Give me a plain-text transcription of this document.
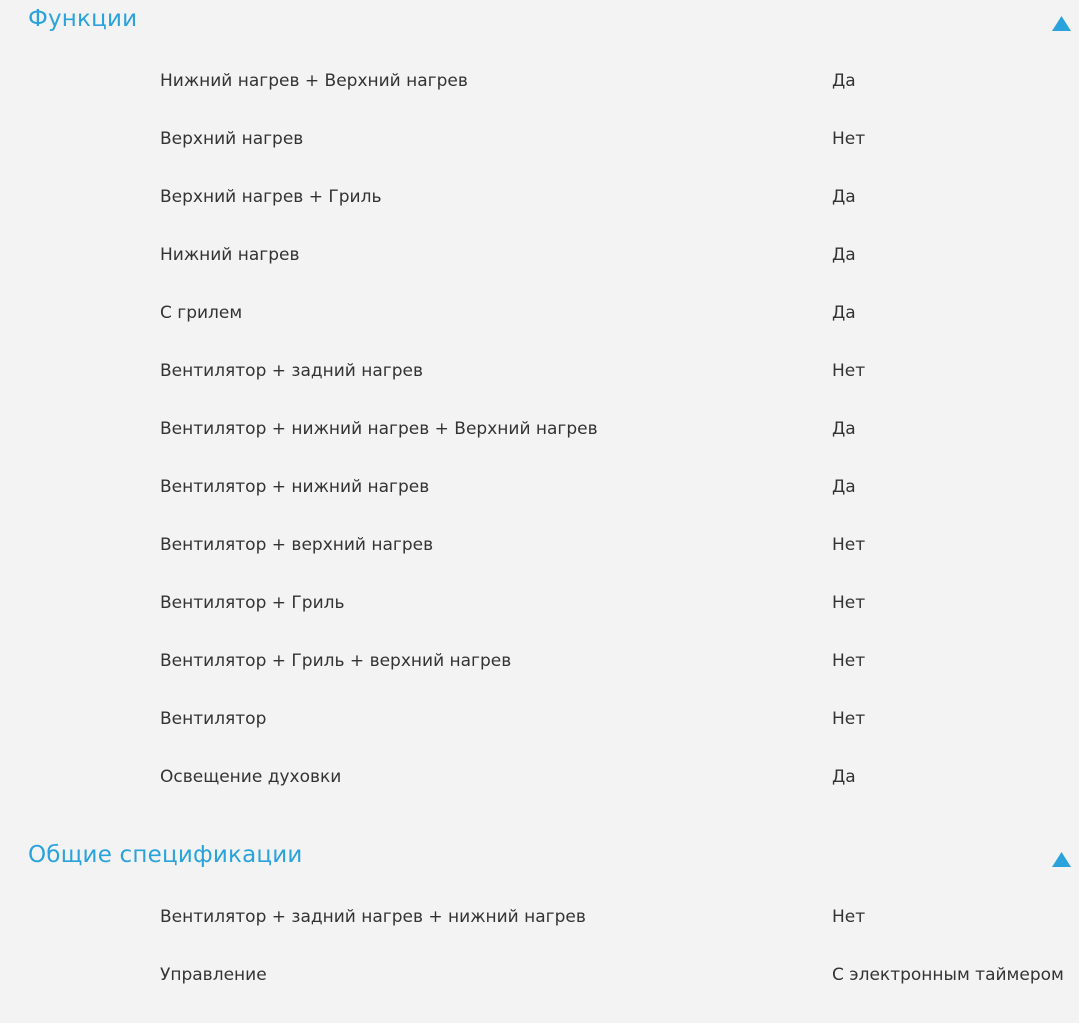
Функции
Нижний нагрев + Верхний нагрев	Да
Верхний нагрев	Нет
Верхний нагрев + Гриль	Да
Нижний нагрев	Да
С грилем	Да
Вентилятор + задний нагрев	Нет
Вентилятор + нижний нагрев + Верхний нагрев	Да
Вентилятор + нижний нагрев	Да
Вентилятор + верхний нагрев	Нет
Вентилятор + Гриль	Нет
Вентилятор + Гриль + верхний нагрев	Нет
Вентилятор	Нет
Освещение духовки	Да
Общие спецификации
Вентилятор + задний нагрев + нижний нагрев	Нет
Управление	С электронным таймером
